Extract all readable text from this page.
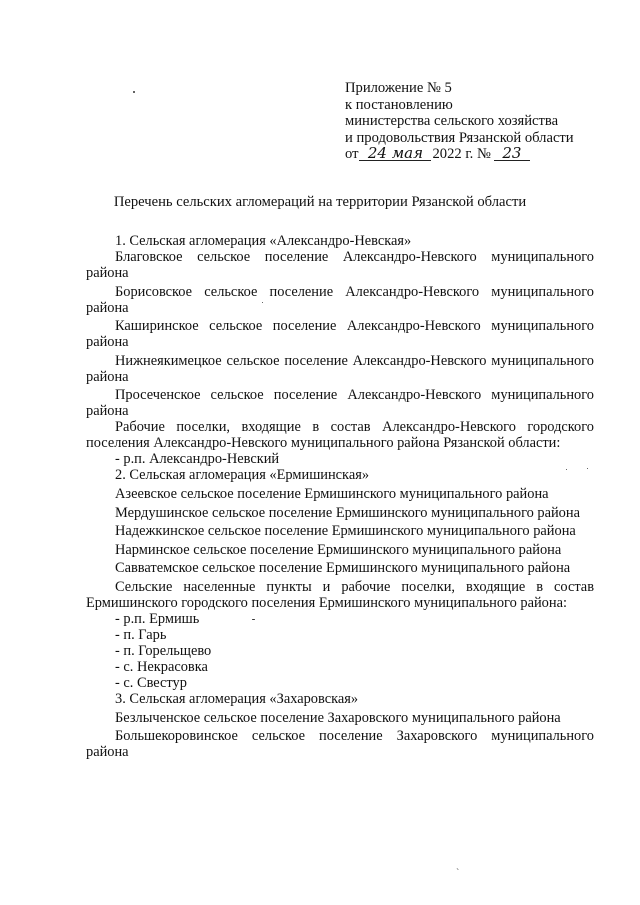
Приложение № 5
к постановлению
министерства сельского хозяйства
и продовольствия Рязанской области
от 24 мая 2022 г. № 23
Перечень сельских агломераций на территории Рязанской области

1. Сельская агломерация «Александро-Невская»

Благовское сельское поселение Александро-Невского муниципального района

Борисовское сельское поселение Александро-Невского муниципального района

Каширинское сельское поселение Александро-Невского муниципального района

Нижнеякимецкое сельское поселение Александро-Невского муниципального района

Просеченское сельское поселение Александро-Невского муниципального района

Рабочие поселки, входящие в состав Александро-Невского городского поселения Александро-Невского муниципального района Рязанской области:

- р.п. Александро-Невский

2. Сельская агломерация «Ермишинская»

Азеевское сельское поселение Ермишинского муниципального района

Мердушинское сельское поселение Ермишинского муниципального района

Надежкинское сельское поселение Ермишинского муниципального района

Нарминское сельское поселение Ермишинского муниципального района

Савватемское сельское поселение Ермишинского муниципального района

Сельские населенные пункты и рабочие поселки, входящие в состав Ермишинского городского поселения Ермишинского муниципального района:

- р.п. Ермишь

- п. Гарь

- п. Горельщево

- с. Некрасовка

- с. Свестур

3. Сельская агломерация «Захаровская»

Безлыченское сельское поселение Захаровского муниципального района

Большекоровинское сельское поселение Захаровского муниципального района

`
